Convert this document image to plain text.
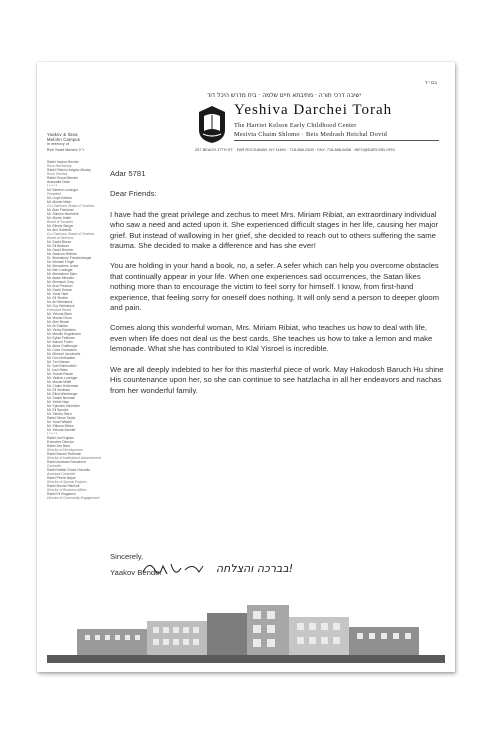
בס״ד
ישיבה דרכי תורה · מתיבתא חיים שלמה · בית מדרש היכל דוד
Yeshiva Darchei Torah
The Harriet Kelson Early Childhood Center
Mesivta Chaim Shlomo · Beis Medrash Heichal Dovid
257 BEACH 17TH ST. · FAR ROCKAWAY, NY 11691 · 718-868-2300 · FAX: 718-868-6458 · INFO@DARCHEI.ORG
Yaakov & Ilana
Melohn Campus
In memory of
Reb Yosef Melohn ז״ל
Rabbi Yaakov Bender
Rosh HaYeshiva
Rabbi Shlomo Avigdor Altusky
Rosh Yeshiva
Rabbi Yisroel Bender
Associate Dean
* * * * *
Mr. Benesh Lowinger
President
Mr. Lloyd Keilson
Mr. Moshe Mizer
Co-Chairmen, Board of Trustees
Mr. Alan Friedman
Mr. Shimon Muehrerk
Mr. Morris Smith
Board of Trustees
Mr. Eliezer Berger
Mr. Ami Sobieski
Co-Chairman, Board of Trustees
Board of Directors
Mr. David Bloom
Mr. Eli Bistricer
Mr. David Brecher
Mr. Nachum Brilman
Dr. Shamsbury Freudenberger
Mr. Michael Frogel
Mr. Menachem Licker
Mr. Ben Lowinger
Mr. Menachem Marx
Mr. Adam Mirowitz
Mr. Menasch Ozry
Mr. Aron Pearson
Mr. David Schuer
Mr. Yossi Taub
Mr. Eli Tendler
Mr. Ari Weinstock
Mr. Dov Weinstock
Executive Board
Mr. Yehuda Blum
Mr. Moshe Dixon
Mr. Meir Brown
Mr. Ari Dalfaro
Mr. Yanky Edelstein
Mr. Meshie Engelmann
Mr. Eytan Feldman
Mr. Baruch Fuchs
Mr. Akiva Goldberger
Mr. Carlo Grunbaum
Mr. Michoel Jacobovitz
Mr. Dov Kiekhaafer
Mr. Tzvi Nissan
Dr. Yoel Rabinovitch
Dr. Uzzi Reiss
Mr. Yisroel Rokah
Mr. Yaakov Lowinger
Mr. Moshe Mittel
Mr. Chaim Hoberman
Mr. Eli Seidman
Mr. Elliot Weinberger
Mr. Daniel Neuman
Mr. Yehiel Naor
Mr. Ephraim Schreiber
Mr. Eli Spectre
Mr. Steven Stern
Rabbi Simon Taylor
Mr. Yosef Wieder
Mr. Shlomo Weiss
Mr. Yehuda Zachter
* * * * *
Rabbi Joel Kaplan
Executive Director
Rabbi Zev Bald
Director of Development
Rabbi Baruch Rothman
Director of Institutional Advancement
Rabbi Avraham Schachner
Controller
Rabbi Naftali Chaim Horowitz
Assistant Controller
Rabbi Pinnie Mayer
Director of Special Projects
Rabbi Moshe Reinholt
Director of Business Affairs
Rabbi Eli Klagsbrun
Director of Community Engagement

Adar 5781

Dear Friends:

I have had the great privilege and zechus to meet Mrs. Miriam Ribiat, an extraordinary individual who saw a need and acted upon it. She experienced difficult stages in her life, causing her major grief. But instead of wallowing in her grief, she decided to reach out to others suffering the same trauma. She decided to make a difference and has she ever!

You are holding in your hand a book, no, a sefer. A sefer which can help you overcome obstacles that continually appear in your life. When one experiences sad occurrences, the Satan likes nothing more than to encourage the victim to feel sorry for himself. I know, from first-hand experience, that feeling sorry for oneself does nothing. It will only send a person to deeper gloom and pain.

Comes along this wonderful woman, Mrs. Miriam Ribiat, who teaches us how to deal with life, even when life does not deal us the best cards. She teaches us how to take a lemon and make lemonade. What she has contributed to Klal Yisroel is incredible.

We are all deeply indebted to her for this masterful piece of work. May Hakodosh Baruch Hu shine His countenance upon her, so she can continue to see hatzlacha in all her endeavors and nachas from her wonderful family.

Sincerely,
Yaakov Bender	בברכה והצלחה!
